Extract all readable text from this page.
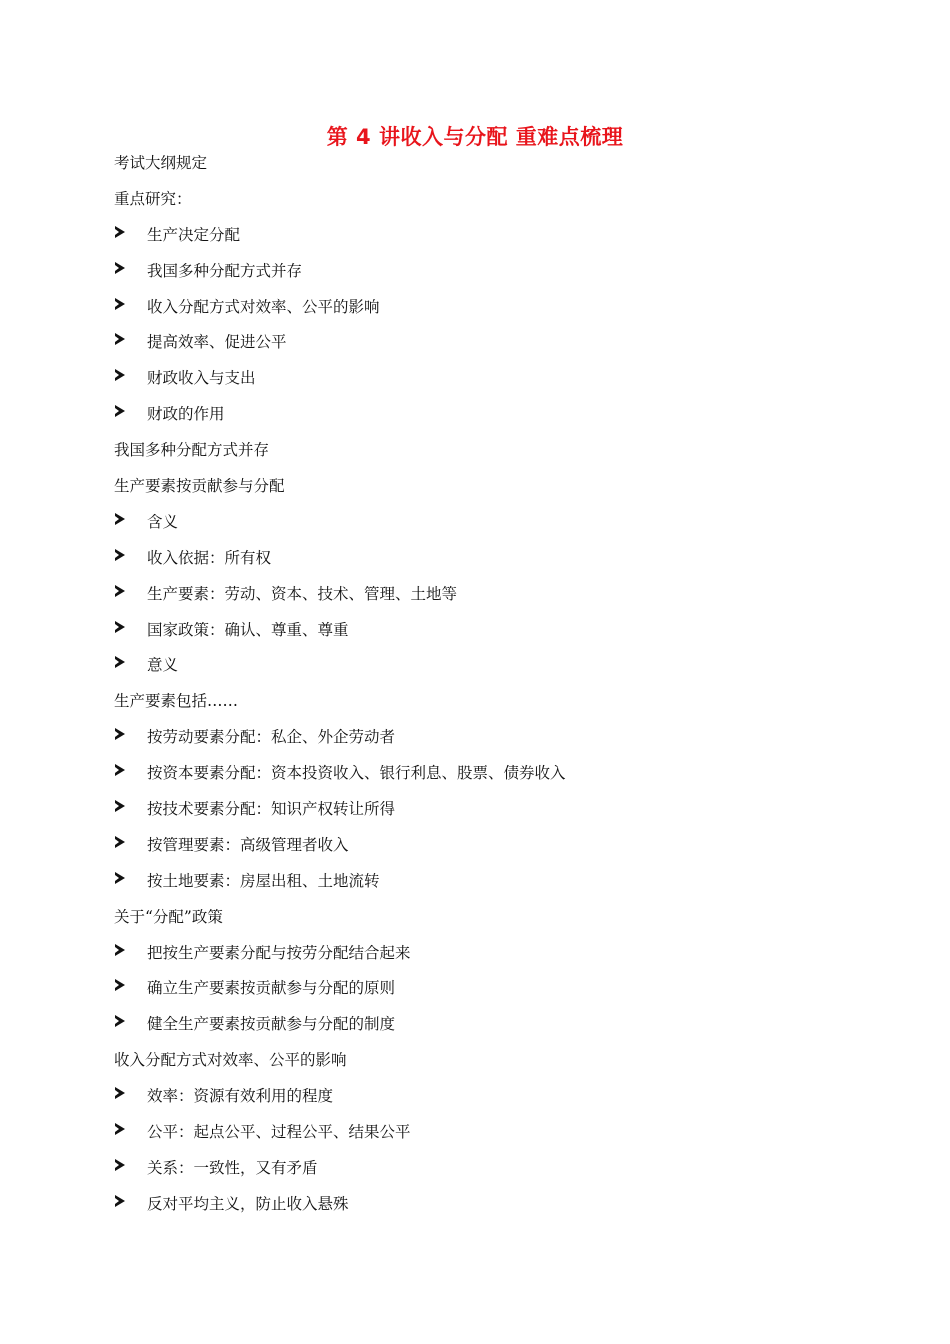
第 4 讲收入与分配 重难点梳理
考试大纲规定
重点研究：
生产决定分配
我国多种分配方式并存
收入分配方式对效率、公平的影响
提高效率、促进公平
财政收入与支出
财政的作用
我国多种分配方式并存
生产要素按贡献参与分配
含义
收入依据：所有权
生产要素：劳动、资本、技术、管理、土地等
国家政策：确认、尊重、尊重
意义
生产要素包括……
按劳动要素分配：私企、外企劳动者
按资本要素分配：资本投资收入、银行利息、股票、债券收入
按技术要素分配：知识产权转让所得
按管理要素：高级管理者收入
按土地要素：房屋出租、土地流转
关于“分配”政策
把按生产要素分配与按劳分配结合起来
确立生产要素按贡献参与分配的原则
健全生产要素按贡献参与分配的制度
收入分配方式对效率、公平的影响
效率：资源有效利用的程度
公平：起点公平、过程公平、结果公平
关系：一致性，又有矛盾
反对平均主义，防止收入悬殊
